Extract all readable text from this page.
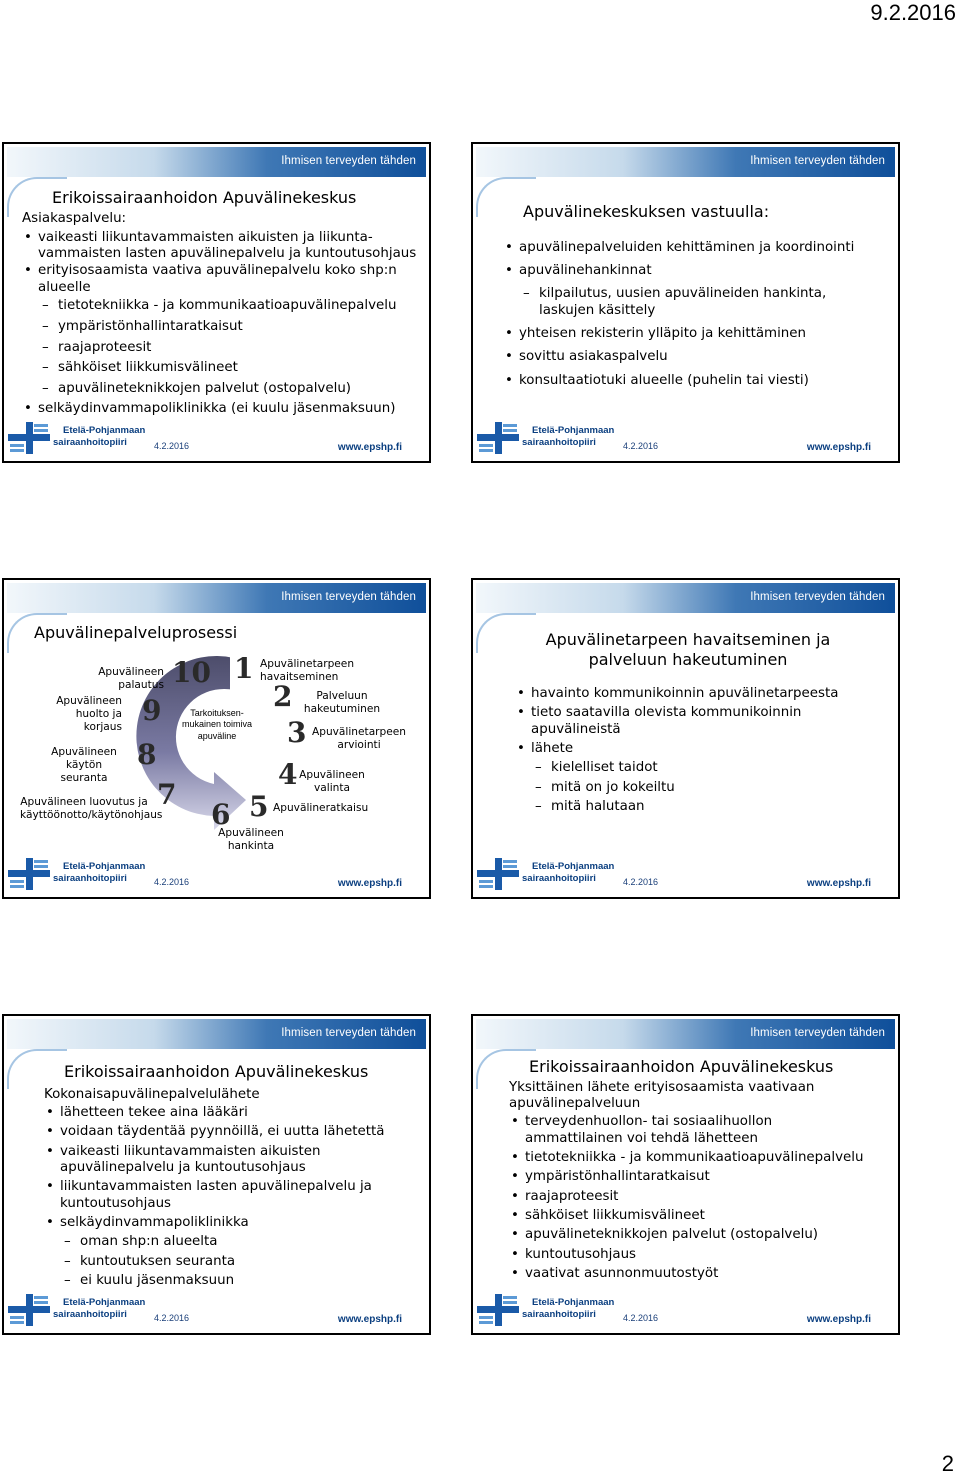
9.2.2016
Ihmisen terveyden tähden
Erikoissairaanhoidon Apuvälinekeskus
Asiakaspalvelu:
• vaikeasti liikuntavammaisten aikuisten ja liikunta-vammaisten lasten apuvälinepalvelu ja kuntoutusohjaus
• erityisosaamista vaativa apuvälinepalvelu koko shp:n alueelle
– tietotekniikka - ja kommunikaatioapuvälinepalvelu
– ympäristönhallintaratkaisut
– raajaproteesit
– sähköiset liikkumisvälineet
– apuvälineteknikkojen palvelut (ostopalvelu)
• selkäydinvammapoliklinikka (ei kuulu jäsenmaksuun)
Etelä-Pohjanmaan
sairaanhoitopiiri	4.2.2016	www.epshp.fi
Ihmisen terveyden tähden
Apuvälinekeskuksen vastuulla:
• apuvälinepalveluiden kehittäminen ja koordinointi
• apuvälinehankinnat
– kilpailutus, uusien apuvälineiden hankinta, laskujen käsittely
• yhteisen rekisterin ylläpito ja kehittäminen
• sovittu asiakaspalvelu
• konsultaatiotuki alueelle (puhelin tai viesti)
Etelä-Pohjanmaan
sairaanhoitopiiri	4.2.2016	www.epshp.fi
Ihmisen terveyden tähden
Apuvälinepalveluprosessi
Tarkoituksen-mukainen toimiva apuväline
1
2
3
4
5
6
7
8
9
10	Apuvälinetarpeen havaitseminen
Palveluun hakeutuminen
Apuvälinetarpeen arviointi
Apuvälineen valinta
Apuvälineratkaisu
Apuvälineen hankinta
Apuvälineen luovutus ja käyttöönotto/käytönohjaus
Apuvälineen käytön seuranta
Apuvälineen huolto ja korjaus
Apuvälineen palautus
Etelä-Pohjanmaan
sairaanhoitopiiri	4.2.2016	www.epshp.fi
Ihmisen terveyden tähden
Apuvälinetarpeen havaitseminen ja palveluun hakeutuminen
• havainto kommunikoinnin apuvälinetarpeesta
• tieto saatavilla olevista kommunikoinnin apuvälineistä
• lähete
– kielelliset taidot
– mitä on jo kokeiltu
– mitä halutaan
Etelä-Pohjanmaan
sairaanhoitopiiri	4.2.2016	www.epshp.fi
Ihmisen terveyden tähden
Erikoissairaanhoidon Apuvälinekeskus
Kokonaisapuvälinepalvelulähete
• lähetteen tekee aina lääkäri
• voidaan täydentää pyynnöillä, ei uutta lähetettä
• vaikeasti liikuntavammaisten aikuisten apuvälinepalvelu ja kuntoutusohjaus
• liikuntavammaisten lasten apuvälinepalvelu ja kuntoutusohjaus
• selkäydinvammapoliklinikka
– oman shp:n alueelta
– kuntoutuksen seuranta
– ei kuulu jäsenmaksuun
Etelä-Pohjanmaan
sairaanhoitopiiri	4.2.2016	www.epshp.fi
Ihmisen terveyden tähden
Erikoissairaanhoidon Apuvälinekeskus
Yksittäinen lähete erityisosaamista vaativaan apuvälinepalveluun
• terveydenhuollon- tai sosiaalihuollon ammattilainen voi tehdä lähetteen
• tietotekniikka - ja kommunikaatioapuvälinepalvelu
• ympäristönhallintaratkaisut
• raajaproteesit
• sähköiset liikkumisvälineet
• apuvälineteknikkojen palvelut (ostopalvelu)
• kuntoutusohjaus
• vaativat asunnonmuutostyöt
Etelä-Pohjanmaan
sairaanhoitopiiri	4.2.2016	www.epshp.fi
2
